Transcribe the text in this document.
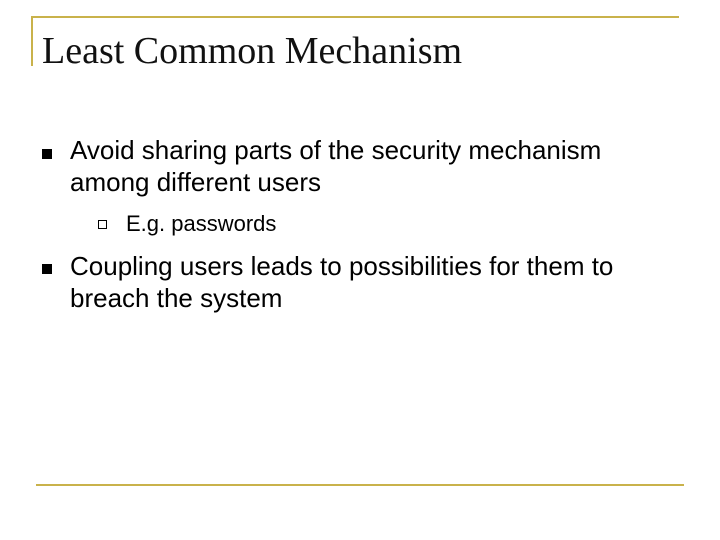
Least Common Mechanism

Avoid sharing parts of the security mechanism among different users

E.g. passwords

Coupling users leads to possibilities for them to breach the system
